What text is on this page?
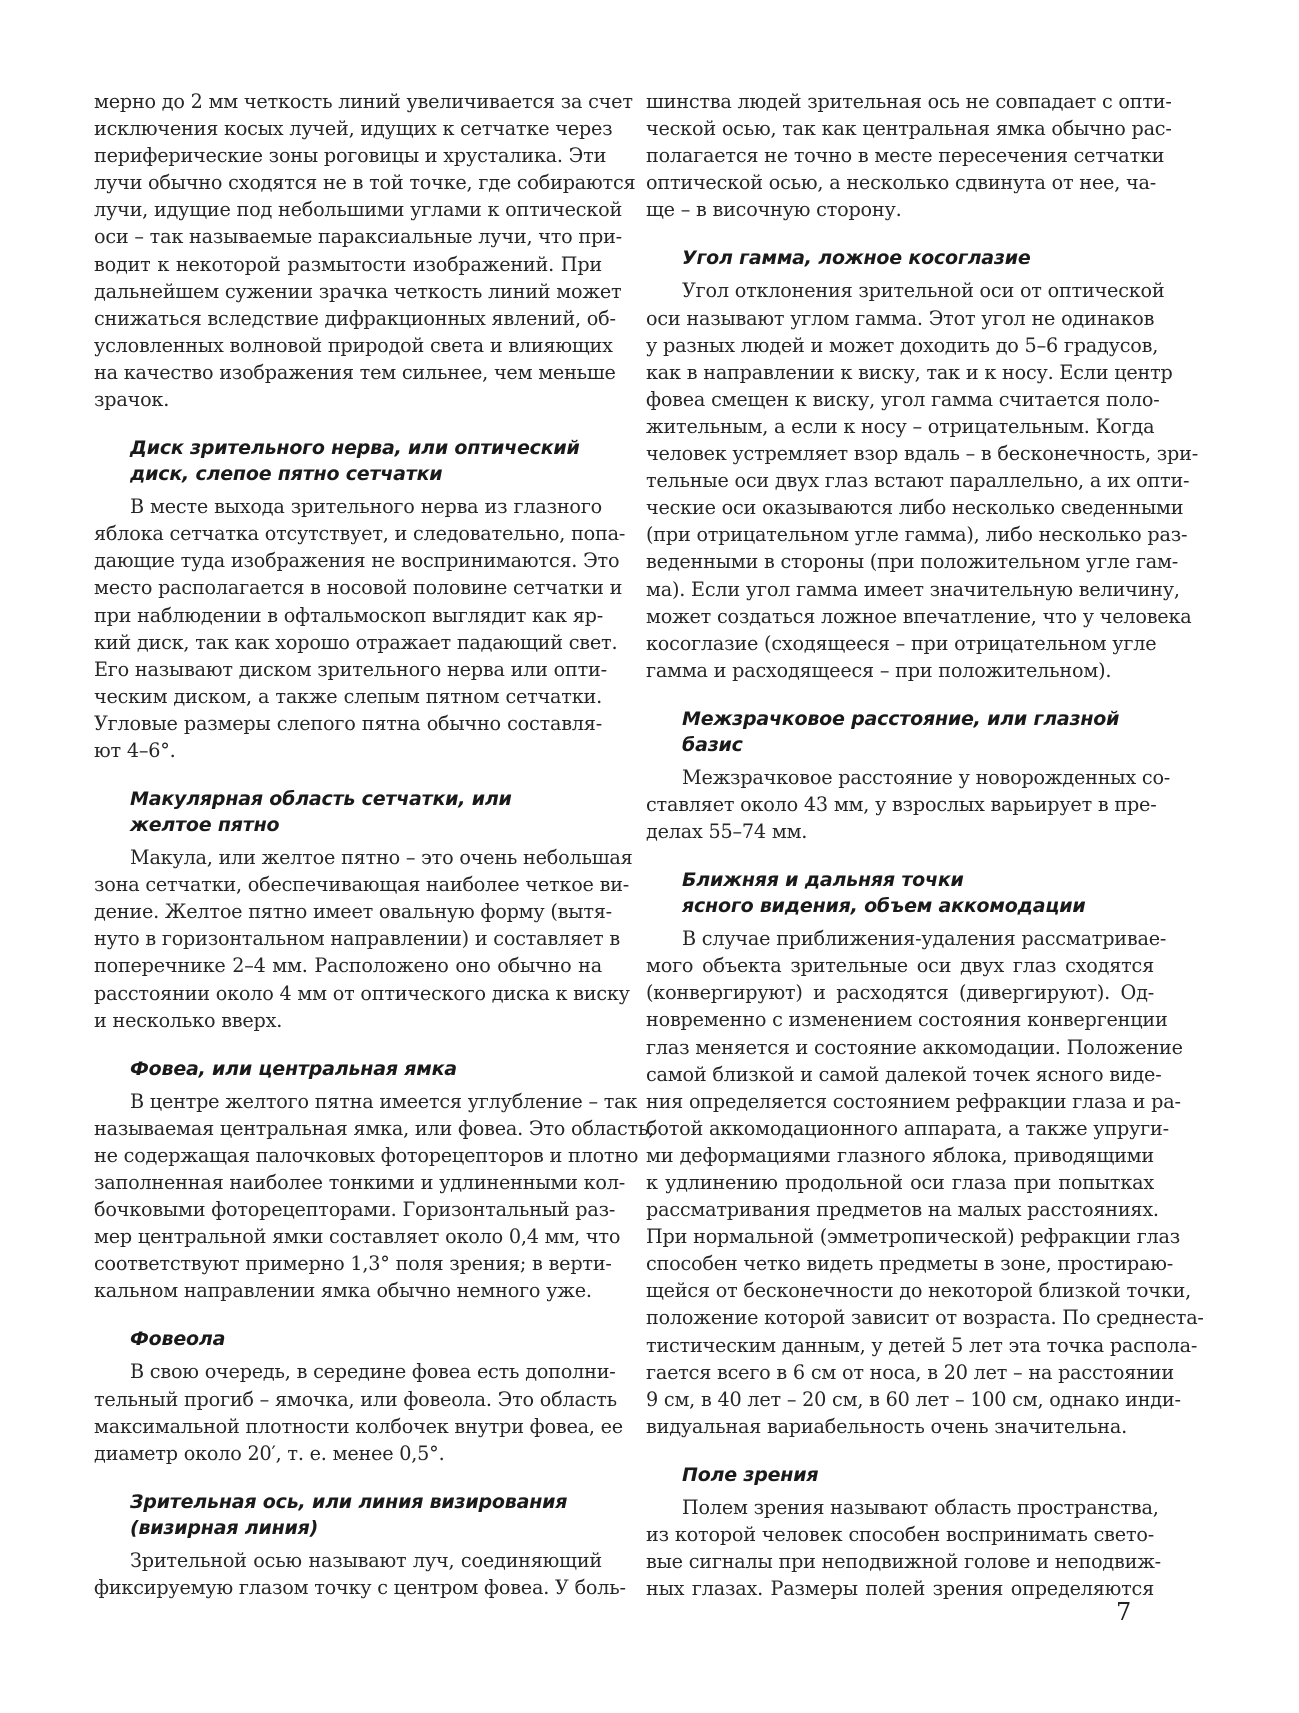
мерно до 2 мм четкость линий увеличивается за счет
исключения косых лучей, идущих к сетчатке через
периферические зоны роговицы и хрусталика. Эти
лучи обычно сходятся не в той точке, где собираются
лучи, идущие под небольшими углами к оптической
оси – так называемые параксиальные лучи, что при-
водит к некоторой размытости изображений. При
дальнейшем сужении зрачка четкость линий может
снижаться вследствие дифракционных явлений, об-
условленных волновой природой света и влияющих
на качество изображения тем сильнее, чем меньше
зрачок.

Диск зрительного нерва, или оптический
диск, слепое пятно сетчатки

В месте выхода зрительного нерва из глазного
яблока сетчатка отсутствует, и следовательно, попа-
дающие туда изображения не воспринимаются. Это
место располагается в носовой половине сетчатки и
при наблюдении в офтальмоскоп выглядит как яр-
кий диск, так как хорошо отражает падающий свет.
Его называют диском зрительного нерва или опти-
ческим диском, а также слепым пятном сетчатки.
Угловые размеры слепого пятна обычно составля-
ют 4–6°.

Макулярная область сетчатки, или
желтое пятно

Макула, или желтое пятно – это очень небольшая
зона сетчатки, обеспечивающая наиболее четкое ви-
дение. Желтое пятно имеет овальную форму (вытя-
нуто в горизонтальном направлении) и составляет в
поперечнике 2–4 мм. Расположено оно обычно на
расстоянии около 4 мм от оптического диска к виску
и несколько вверх.

Фовеа, или центральная ямка

В центре желтого пятна имеется углубление – так
называемая центральная ямка, или фовеа. Это область,
не содержащая палочковых фоторецепторов и плотно
заполненная наиболее тонкими и удлиненными кол-
бочковыми фоторецепторами. Горизонтальный раз-
мер центральной ямки составляет около 0,4 мм, что
соответствуют примерно 1,3° поля зрения; в верти-
кальном направлении ямка обычно немного уже.

Фовеола

В свою очередь, в середине фовеа есть дополни-
тельный прогиб – ямочка, или фовеола. Это область
максимальной плотности колбочек внутри фовеа, ее
диаметр около 20′, т. е. менее 0,5°.

Зрительная ось, или линия визирования
(визирная линия)

Зрительной осью называют луч, соединяющий
фиксируемую глазом точку с центром фовеа. У боль-

шинства людей зрительная ось не совпадает с опти-
ческой осью, так как центральная ямка обычно рас-
полагается не точно в месте пересечения сетчатки
оптической осью, а несколько сдвинута от нее, ча-
ще – в височную сторону.

Угол гамма, ложное косоглазие

Угол отклонения зрительной оси от оптической
оси называют углом гамма. Этот угол не одинаков
у разных людей и может доходить до 5–6 градусов,
как в направлении к виску, так и к носу. Если центр
фовеа смещен к виску, угол гамма считается поло-
жительным, а если к носу – отрицательным. Когда
человек устремляет взор вдаль – в бесконечность, зри-
тельные оси двух глаз встают параллельно, а их опти-
ческие оси оказываются либо несколько сведенными
(при отрицательном угле гамма), либо несколько раз-
веденными в стороны (при положительном угле гам-
ма). Если угол гамма имеет значительную величину,
может создаться ложное впечатление, что у человека
косоглазие (сходящееся – при отрицательном угле
гамма и расходящееся – при положительном).

Межзрачковое расстояние, или глазной
базис

Межзрачковое расстояние у новорожденных со-
ставляет около 43 мм, у взрослых варьирует в пре-
делах 55–74 мм.

Ближняя и дальняя точки
ясного видения, объем аккомодации

В случае приближения-удаления рассматривае-
мого объекта зрительные оси двух глаз сходятся
(конвергируют) и расходятся (дивергируют). Од-
новременно с изменением состояния конвергенции
глаз меняется и состояние аккомодации. Положение
самой близкой и самой далекой точек ясного виде-
ния определяется состоянием рефракции глаза и ра-
ботой аккомодационного аппарата, а также упруги-
ми деформациями глазного яблока, приводящими
к удлинению продольной оси глаза при попытках
рассматривания предметов на малых расстояниях.
При нормальной (эмметропической) рефракции глаз
способен четко видеть предметы в зоне, простираю-
щейся от бесконечности до некоторой близкой точки,
положение которой зависит от возраста. По среднеста-
тистическим данным, у детей 5 лет эта точка распола-
гается всего в 6 см от носа, в 20 лет – на расстоянии
9 см, в 40 лет – 20 см, в 60 лет – 100 см, однако инди-
видуальная вариабельность очень значительна.

Поле зрения

Полем зрения называют область пространства,
из которой человек способен воспринимать свето-
вые сигналы при неподвижной голове и неподвиж-
ных глазах. Размеры полей зрения определяются

7
